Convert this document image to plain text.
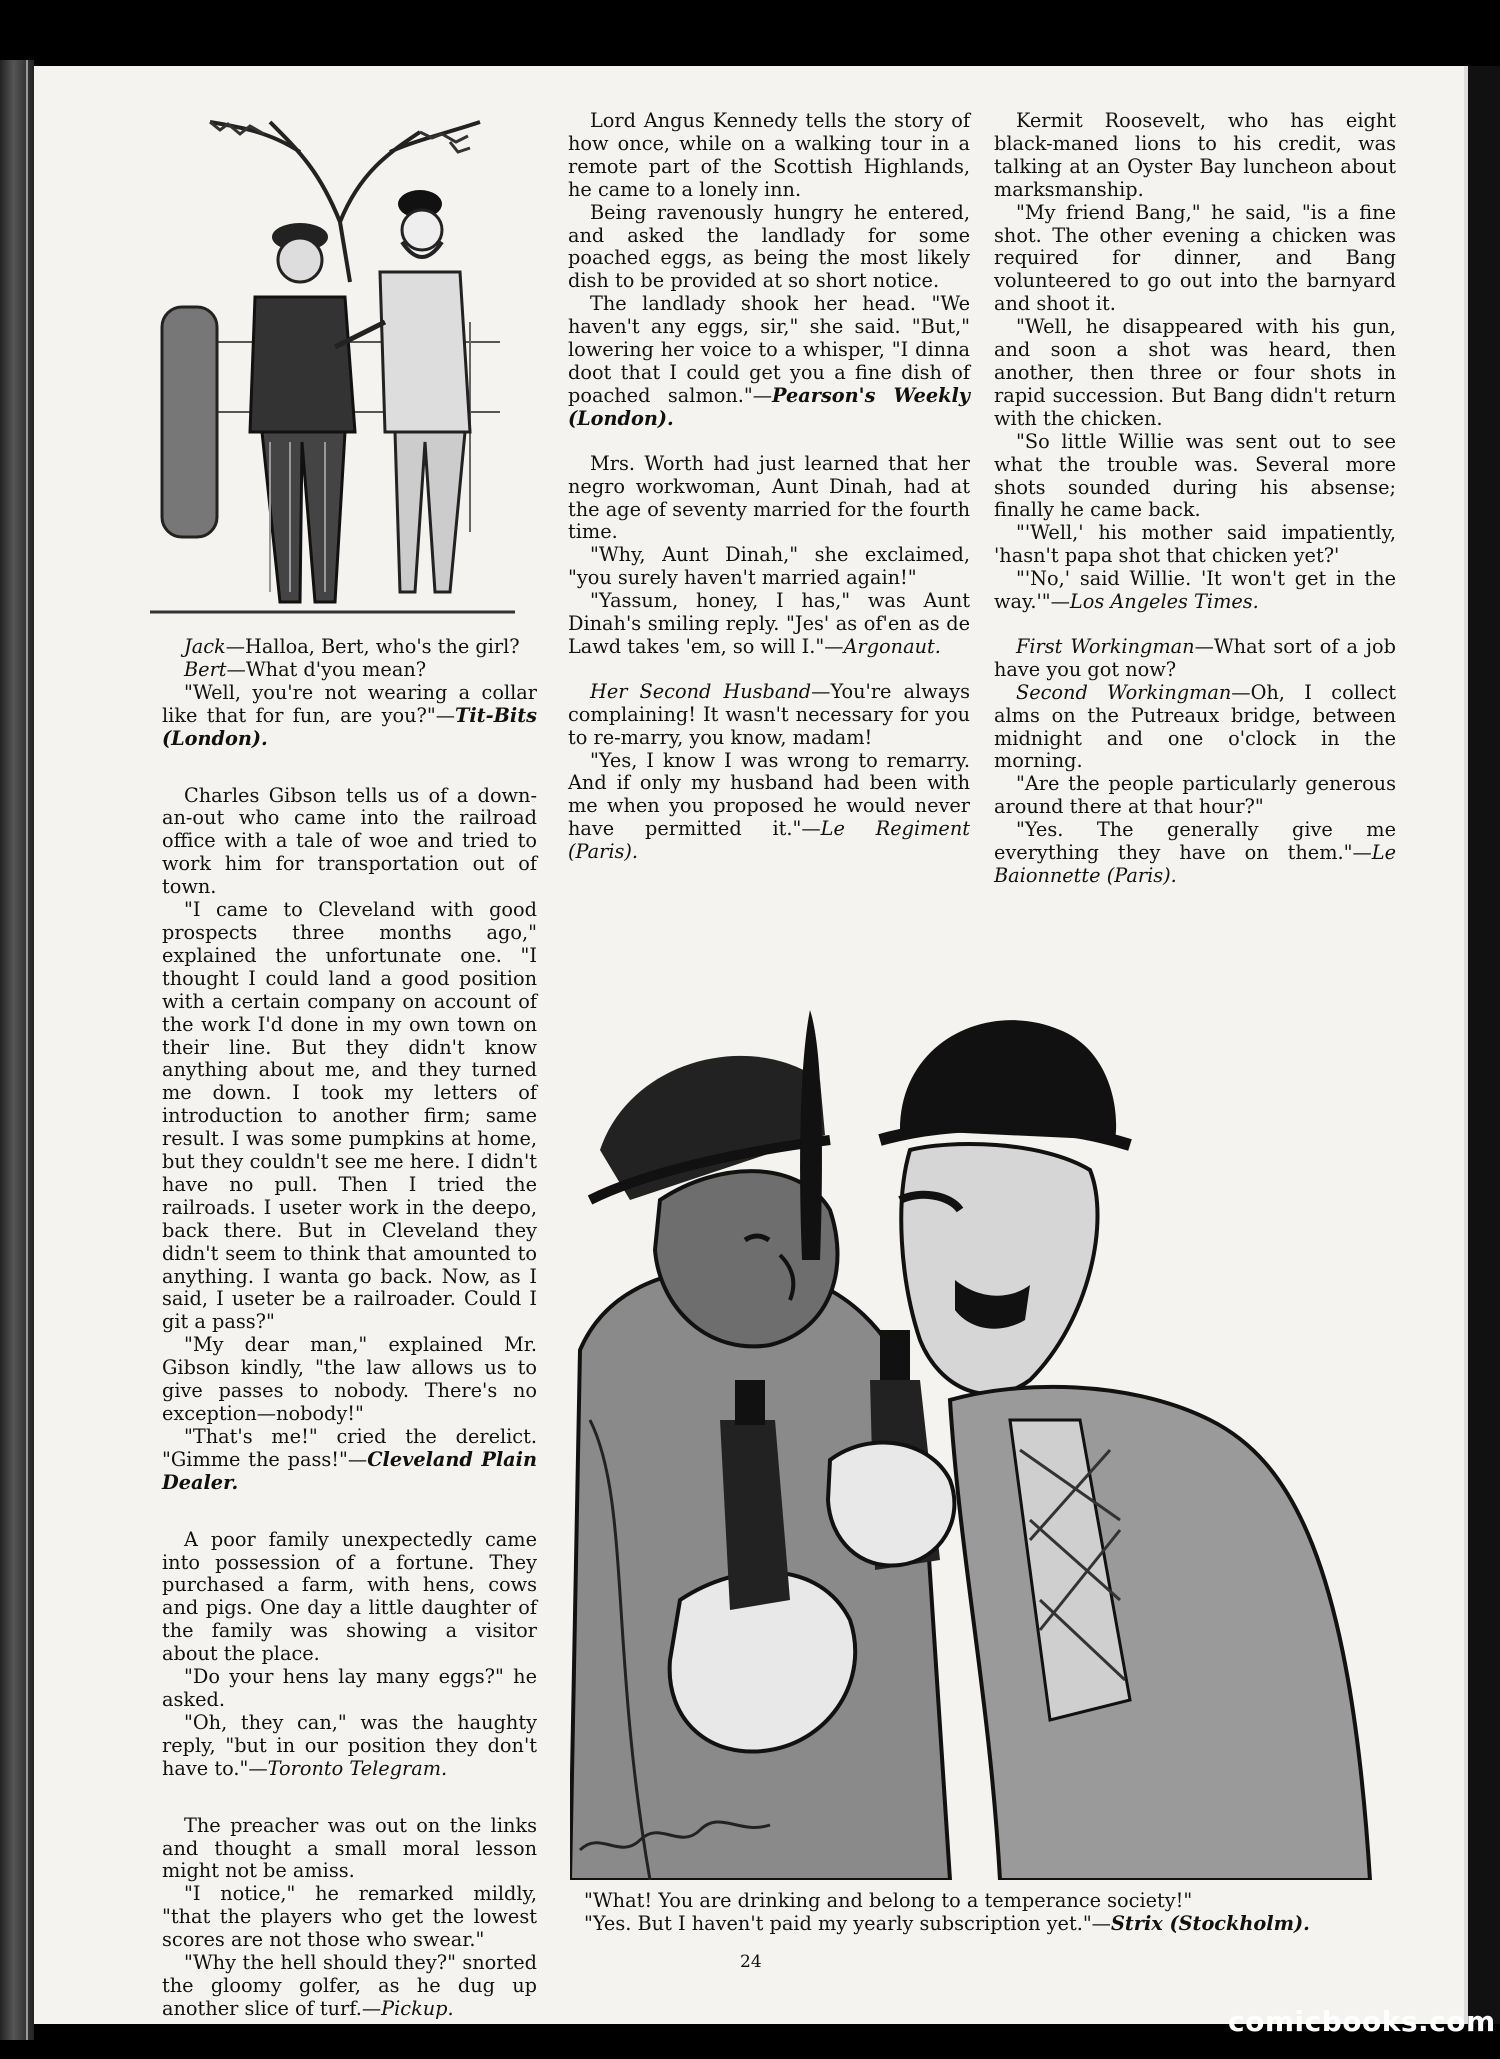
Jack—Halloa, Bert, who's the girl?

Bert—What d'you mean?

"Well, you're not wearing a collar like that for fun, are you?"—Tit-Bits (London).

Charles Gibson tells us of a down-an-out who came into the railroad office with a tale of woe and tried to work him for transportation out of town.

"I came to Cleveland with good prospects three months ago," explained the unfortunate one. "I thought I could land a good position with a certain company on account of the work I'd done in my own town on their line. But they didn't know anything about me, and they turned me down. I took my letters of introduction to another firm; same result. I was some pumpkins at home, but they couldn't see me here. I didn't have no pull. Then I tried the railroads. I useter work in the deepo, back there. But in Cleveland they didn't seem to think that amounted to anything. I wanta go back. Now, as I said, I useter be a railroader. Could I git a pass?"

"My dear man," explained Mr. Gibson kindly, "the law allows us to give passes to nobody. There's no exception—nobody!"

"That's me!" cried the derelict. "Gimme the pass!"—Cleveland Plain Dealer.

A poor family unexpectedly came into possession of a fortune. They purchased a farm, with hens, cows and pigs. One day a little daughter of the family was showing a visitor about the place.

"Do your hens lay many eggs?" he asked.

"Oh, they can," was the haughty reply, "but in our position they don't have to."—Toronto Telegram.

The preacher was out on the links and thought a small moral lesson might not be amiss.

"I notice," he remarked mildly, "that the players who get the lowest scores are not those who swear."

"Why the hell should they?" snorted the gloomy golfer, as he dug up another slice of turf.—Pickup.

Lord Angus Kennedy tells the story of how once, while on a walking tour in a remote part of the Scottish Highlands, he came to a lonely inn.

Being ravenously hungry he entered, and asked the landlady for some poached eggs, as being the most likely dish to be provided at so short notice.

The landlady shook her head. "We haven't any eggs, sir," she said. "But," lowering her voice to a whisper, "I dinna doot that I could get you a fine dish of poached salmon."—Pearson's Weekly (London).

Mrs. Worth had just learned that her negro workwoman, Aunt Dinah, had at the age of seventy married for the fourth time.

"Why, Aunt Dinah," she exclaimed, "you surely haven't married again!"

"Yassum, honey, I has," was Aunt Dinah's smiling reply. "Jes' as of'en as de Lawd takes 'em, so will I."—Argonaut.

Her Second Husband—You're always complaining! It wasn't necessary for you to re-marry, you know, madam!

"Yes, I know I was wrong to remarry. And if only my husband had been with me when you proposed he would never have permitted it."—Le Regiment (Paris).

Kermit Roosevelt, who has eight black-maned lions to his credit, was talking at an Oyster Bay luncheon about marksmanship.

"My friend Bang," he said, "is a fine shot. The other evening a chicken was required for dinner, and Bang volunteered to go out into the barnyard and shoot it.

"Well, he disappeared with his gun, and soon a shot was heard, then another, then three or four shots in rapid succession. But Bang didn't return with the chicken.

"So little Willie was sent out to see what the trouble was. Several more shots sounded during his absense; finally he came back.

"'Well,' his mother said impatiently, 'hasn't papa shot that chicken yet?'

"'No,' said Willie. 'It won't get in the way.'"—Los Angeles Times.

First Workingman—What sort of a job have you got now?

Second Workingman—Oh, I collect alms on the Putreaux bridge, between midnight and one o'clock in the morning.

"Are the people particularly generous around there at that hour?"

"Yes. The generally give me everything they have on them."—Le Baionnette (Paris).

"What! You are drinking and belong to a temperance society!"
"Yes. But I haven't paid my yearly subscription yet."—Strix (Stockholm).
24
comicbooks.com
